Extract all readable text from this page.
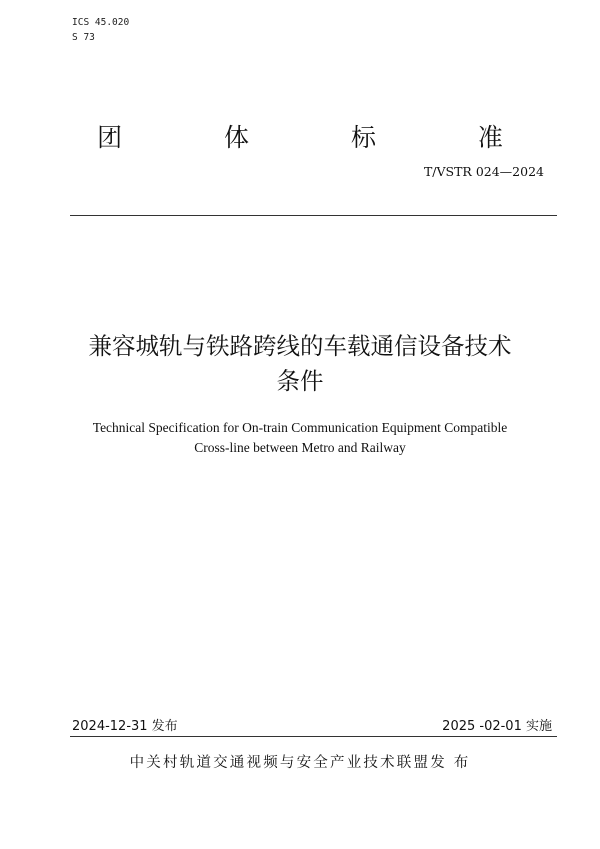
ICS 45.020
S 73
团 体 标 准
T/VSTR 024—2024
兼容城轨与铁路跨线的车载通信设备技术
条件
Technical Specification for On-train Communication Equipment Compatible
Cross-line between Metro and Railway
2024-12-31 发布	2025 -02-01 实施
中关村轨道交通视频与安全产业技术联盟发 布
